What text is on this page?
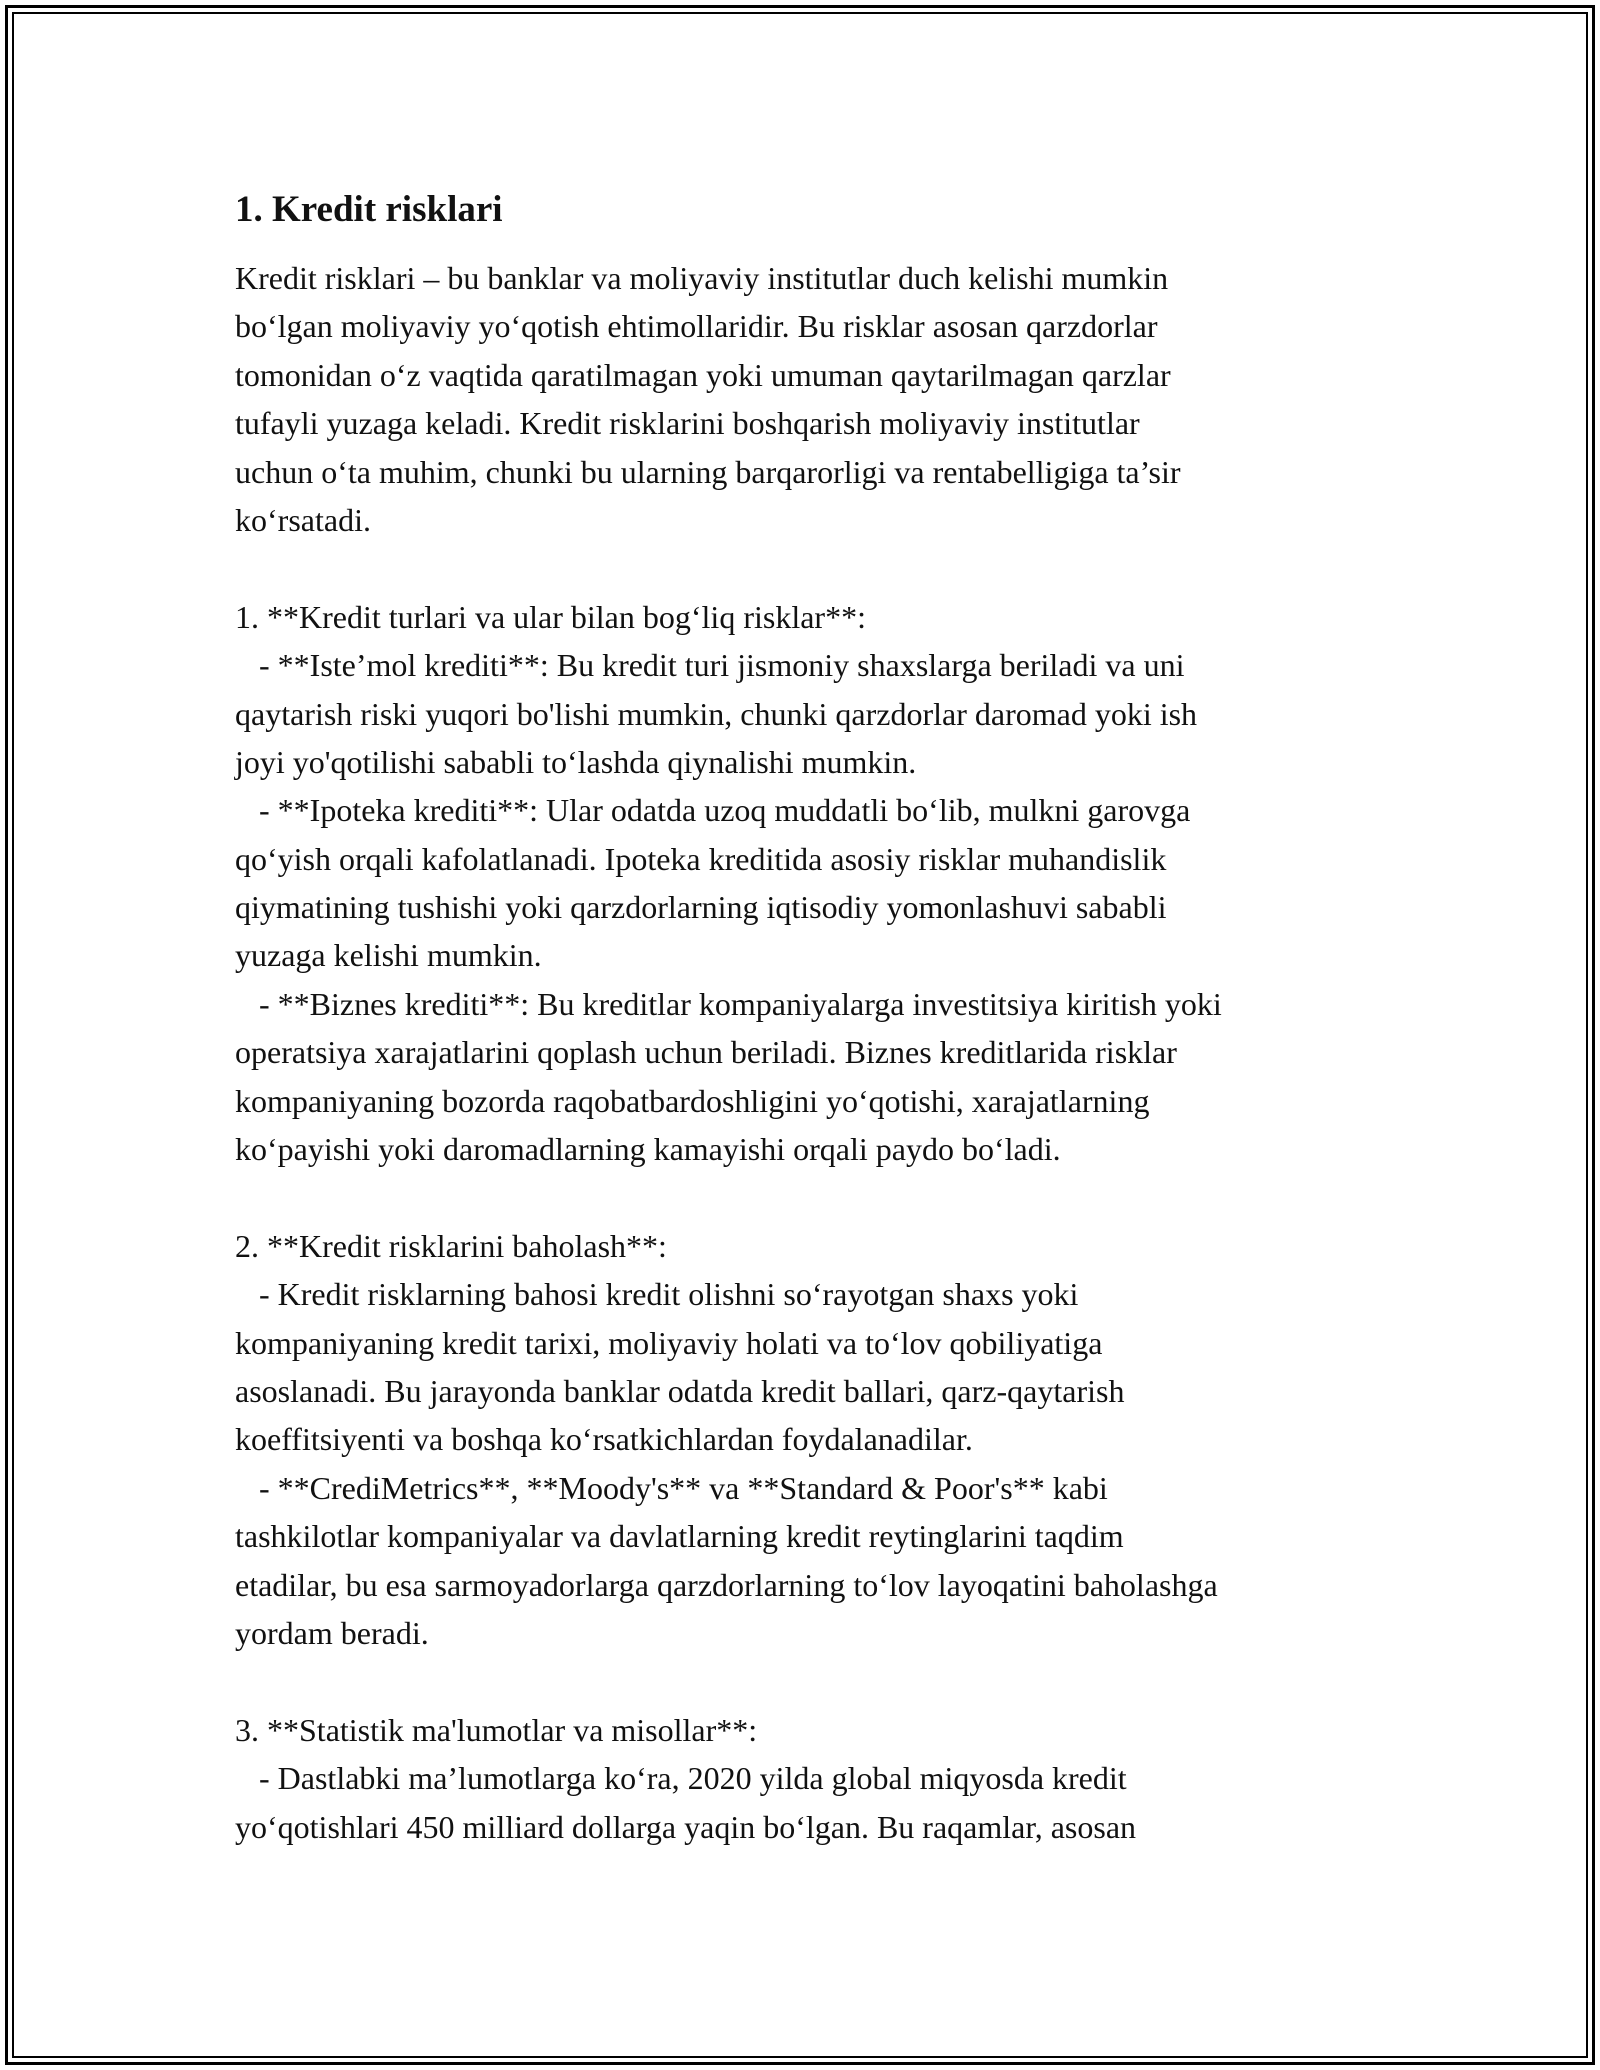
1. Kredit risklari
Kredit risklari – bu banklar va moliyaviy institutlar duch kelishi mumkin
bo‘lgan moliyaviy yo‘qotish ehtimollaridir. Bu risklar asosan qarzdorlar
tomonidan o‘z vaqtida qaratilmagan yoki umuman qaytarilmagan qarzlar
tufayli yuzaga keladi. Kredit risklarini boshqarish moliyaviy institutlar
uchun o‘ta muhim, chunki bu ularning barqarorligi va rentabelligiga ta’sir
ko‘rsatadi.
1. **Kredit turlari va ular bilan bog‘liq risklar**:
- **Iste’mol krediti**: Bu kredit turi jismoniy shaxslarga beriladi va uni
qaytarish riski yuqori bo'lishi mumkin, chunki qarzdorlar daromad yoki ish
joyi yo'qotilishi sababli to‘lashda qiynalishi mumkin.
- **Ipoteka krediti**: Ular odatda uzoq muddatli bo‘lib, mulkni garovga
qo‘yish orqali kafolatlanadi. Ipoteka kreditida asosiy risklar muhandislik
qiymatining tushishi yoki qarzdorlarning iqtisodiy yomonlashuvi sababli
yuzaga kelishi mumkin.
- **Biznes krediti**: Bu kreditlar kompaniyalarga investitsiya kiritish yoki
operatsiya xarajatlarini qoplash uchun beriladi. Biznes kreditlarida risklar
kompaniyaning bozorda raqobatbardoshligini yo‘qotishi, xarajatlarning
ko‘payishi yoki daromadlarning kamayishi orqali paydo bo‘ladi.
2. **Kredit risklarini baholash**:
- Kredit risklarning bahosi kredit olishni so‘rayotgan shaxs yoki
kompaniyaning kredit tarixi, moliyaviy holati va to‘lov qobiliyatiga
asoslanadi. Bu jarayonda banklar odatda kredit ballari, qarz-qaytarish
koeffitsiyenti va boshqa ko‘rsatkichlardan foydalanadilar.
- **CrediMetrics**, **Moody's** va **Standard & Poor's** kabi
tashkilotlar kompaniyalar va davlatlarning kredit reytinglarini taqdim
etadilar, bu esa sarmoyadorlarga qarzdorlarning to‘lov layoqatini baholashga
yordam beradi.
3. **Statistik ma'lumotlar va misollar**:
- Dastlabki ma’lumotlarga ko‘ra, 2020 yilda global miqyosda kredit
yo‘qotishlari 450 milliard dollarga yaqin bo‘lgan. Bu raqamlar, asosan
